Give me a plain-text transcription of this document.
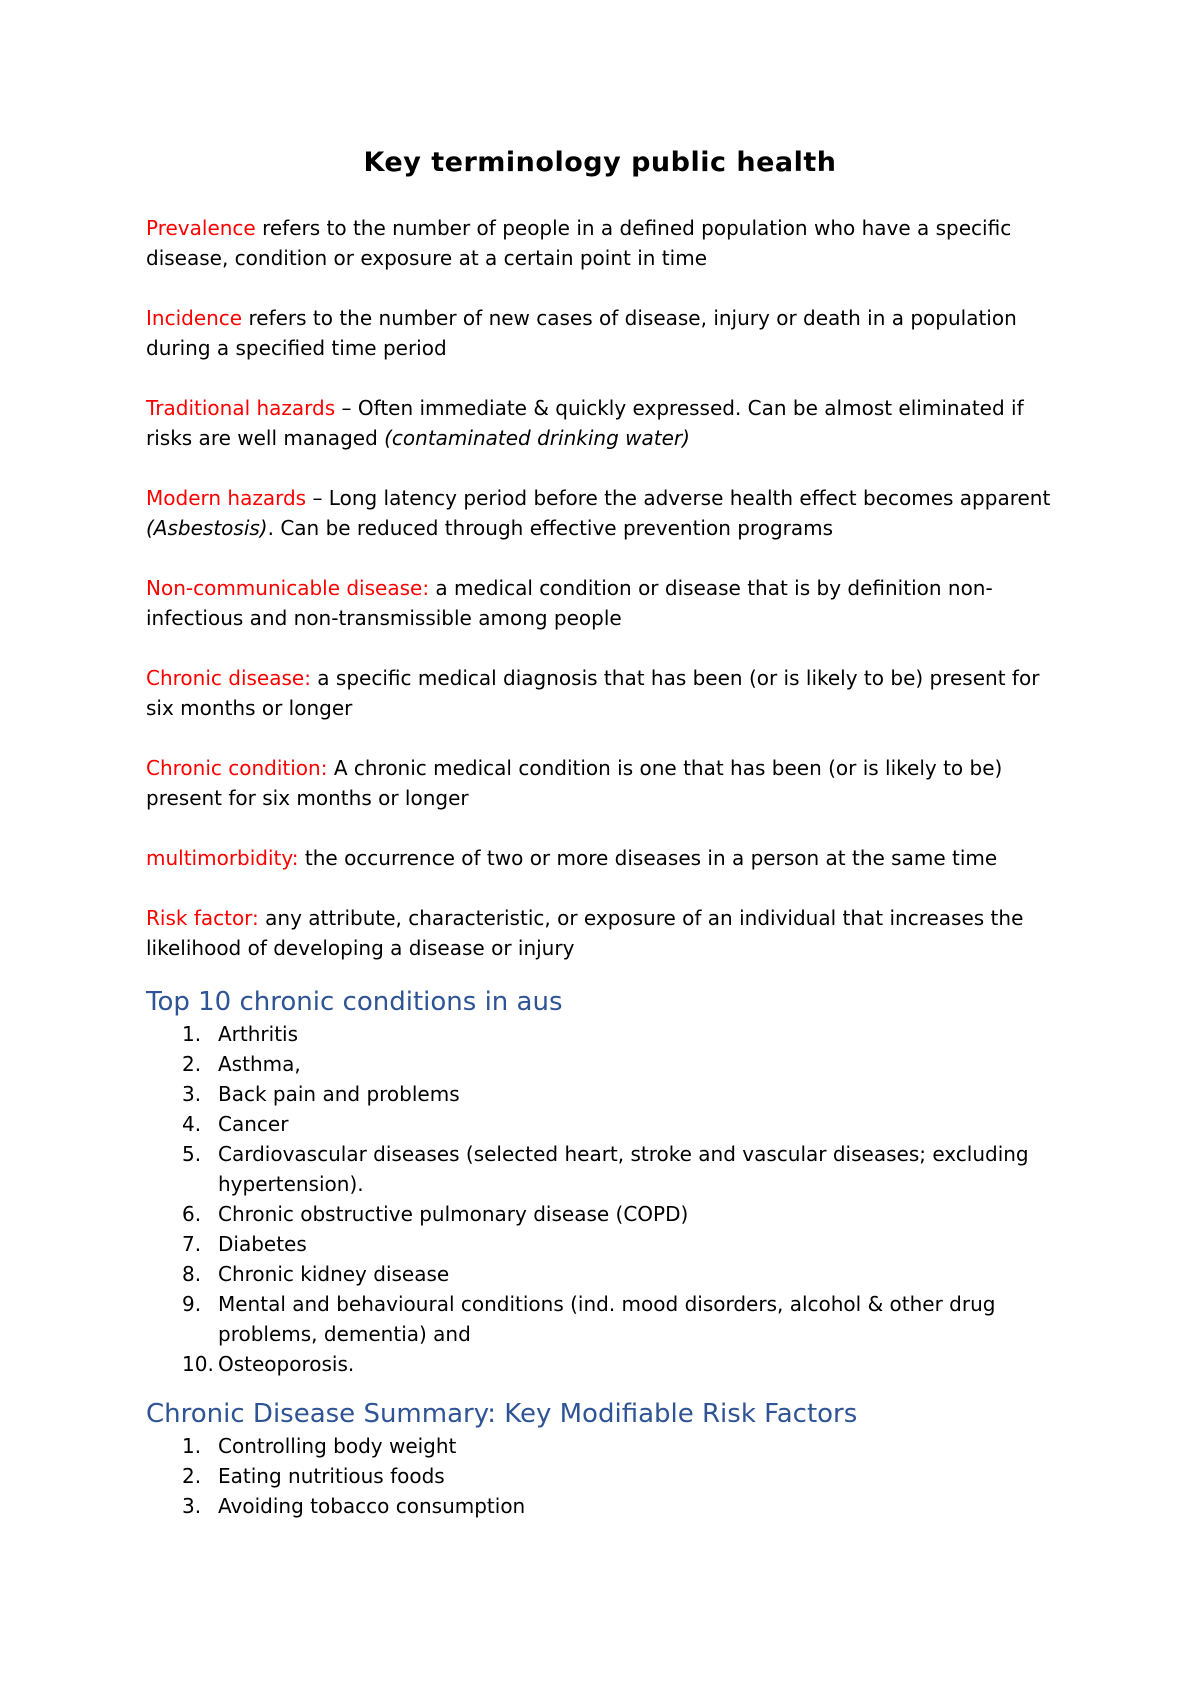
Key terminology public health

Prevalence refers to the number of people in a defined population who have a specific disease, condition or exposure at a certain point in time

Incidence refers to the number of new cases of disease, injury or death in a population during a specified time period

Traditional hazards – Often immediate & quickly expressed. Can be almost eliminated if risks are well managed (contaminated drinking water)

Modern hazards – Long latency period before the adverse health effect becomes apparent (Asbestosis). Can be reduced through effective prevention programs

Non-communicable disease: a medical condition or disease that is by definition non-infectious and non-transmissible among people

Chronic disease: a specific medical diagnosis that has been (or is likely to be) present for six months or longer

Chronic condition: A chronic medical condition is one that has been (or is likely to be) present for six months or longer

multimorbidity: the occurrence of two or more diseases in a person at the same time

Risk factor: any attribute, characteristic, or exposure of an individual that increases the likelihood of developing a disease or injury

Top 10 chronic conditions in aus
1. Arthritis
2. Asthma,
3. Back pain and problems
4. Cancer
5. Cardiovascular diseases (selected heart, stroke and vascular diseases; excluding hypertension).
6. Chronic obstructive pulmonary disease (COPD)
7. Diabetes
8. Chronic kidney disease
9. Mental and behavioural conditions (ind. mood disorders, alcohol & other drug problems, dementia) and
10. Osteoporosis.
Chronic Disease Summary: Key Modifiable Risk Factors
1. Controlling body weight
2. Eating nutritious foods
3. Avoiding tobacco consumption
